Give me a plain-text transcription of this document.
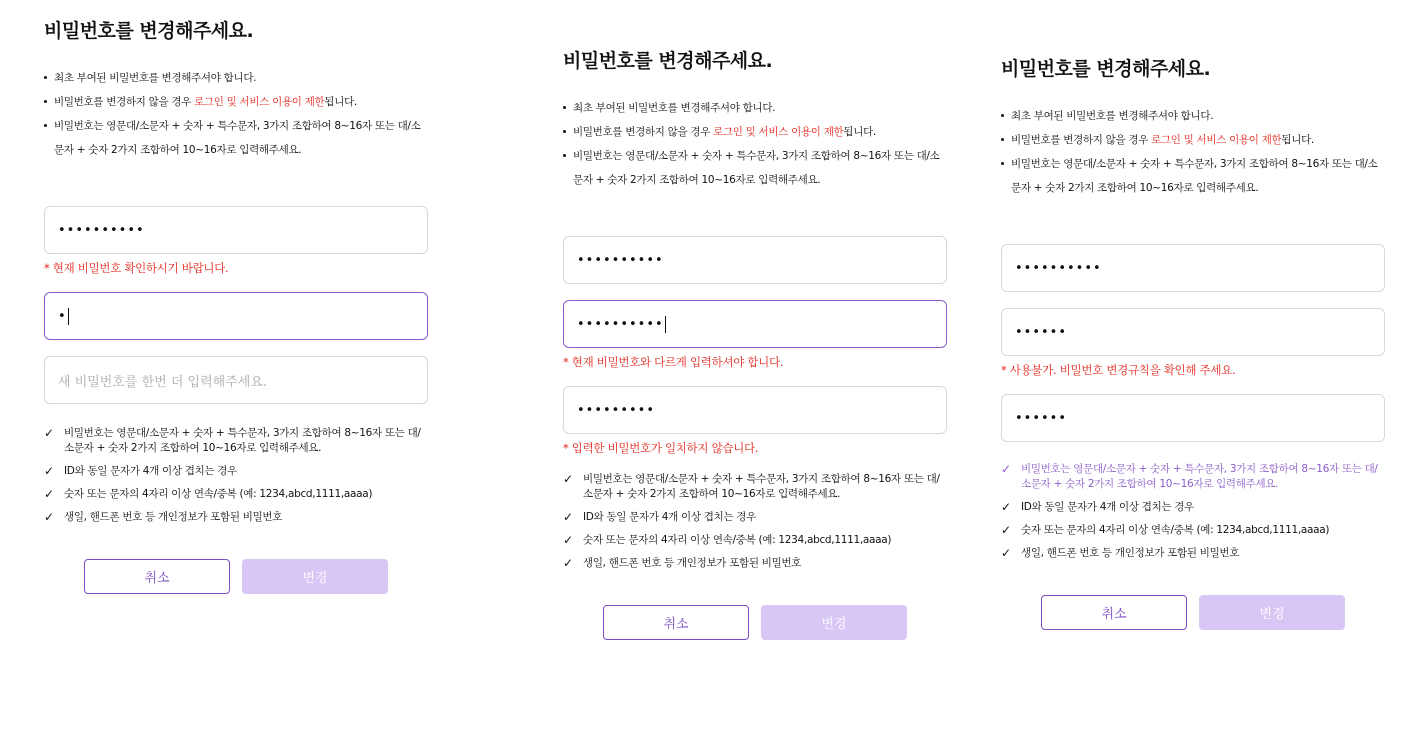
비밀번호를 변경해주세요.
최초 부여된 비밀번호를 변경해주셔야 합니다.
비밀번호를 변경하지 않을 경우 로그인 및 서비스 이용이 제한됩니다.
비밀번호는 영문대/소문자 + 숫자 + 특수문자, 3가지 조합하여 8~16자 또는 대/소
문자 + 숫자 2가지 조합하여 10~16자로 입력해주세요.
••••••••••
* 현재 비밀번호 확인하시기 바랍니다.
•
새 비밀번호를 한번 더 입력해주세요.
✓ 비밀번호는 영문대/소문자 + 숫자 + 특수문자, 3가지 조합하여 8~16자 또는 대/소문자 + 숫자 2가지 조합하여 10~16자로 입력해주세요.
✓ ID와 동일 문자가 4개 이상 겹치는 경우
✓ 숫자 또는 문자의 4자리 이상 연속/중복 (예: 1234,abcd,1111,aaaa)
✓ 생일, 핸드폰 번호 등 개인정보가 포함된 비밀번호
취소	변경
비밀번호를 변경해주세요.
최초 부여된 비밀번호를 변경해주셔야 합니다.
비밀번호를 변경하지 않을 경우 로그인 및 서비스 이용이 제한됩니다.
비밀번호는 영문대/소문자 + 숫자 + 특수문자, 3가지 조합하여 8~16자 또는 대/소
문자 + 숫자 2가지 조합하여 10~16자로 입력해주세요.
••••••••••
••••••••••
* 현재 비밀번호와 다르게 입력하셔야 합니다.
•••••••••
* 입력한 비밀번호가 일치하지 않습니다.
✓ 비밀번호는 영문대/소문자 + 숫자 + 특수문자, 3가지 조합하여 8~16자 또는 대/소문자 + 숫자 2가지 조합하여 10~16자로 입력해주세요.
✓ ID와 동일 문자가 4개 이상 겹치는 경우
✓ 숫자 또는 문자의 4자리 이상 연속/중복 (예: 1234,abcd,1111,aaaa)
✓ 생일, 핸드폰 번호 등 개인정보가 포함된 비밀번호
취소	변경
비밀번호를 변경해주세요.
최초 부여된 비밀번호를 변경해주셔야 합니다.
비밀번호를 변경하지 않을 경우 로그인 및 서비스 이용이 제한됩니다.
비밀번호는 영문대/소문자 + 숫자 + 특수문자, 3가지 조합하여 8~16자 또는 대/소
문자 + 숫자 2가지 조합하여 10~16자로 입력해주세요.
••••••••••
••••••
* 사용불가. 비밀번호 변경규칙을 확인해 주세요.
••••••
✓ 비밀번호는 영문대/소문자 + 숫자 + 특수문자, 3가지 조합하여 8~16자 또는 대/소문자 + 숫자 2가지 조합하여 10~16자로 입력해주세요.
✓ ID와 동일 문자가 4개 이상 겹치는 경우
✓ 숫자 또는 문자의 4자리 이상 연속/중복 (예: 1234,abcd,1111,aaaa)
✓ 생일, 핸드폰 번호 등 개인정보가 포함된 비밀번호
취소	변경
